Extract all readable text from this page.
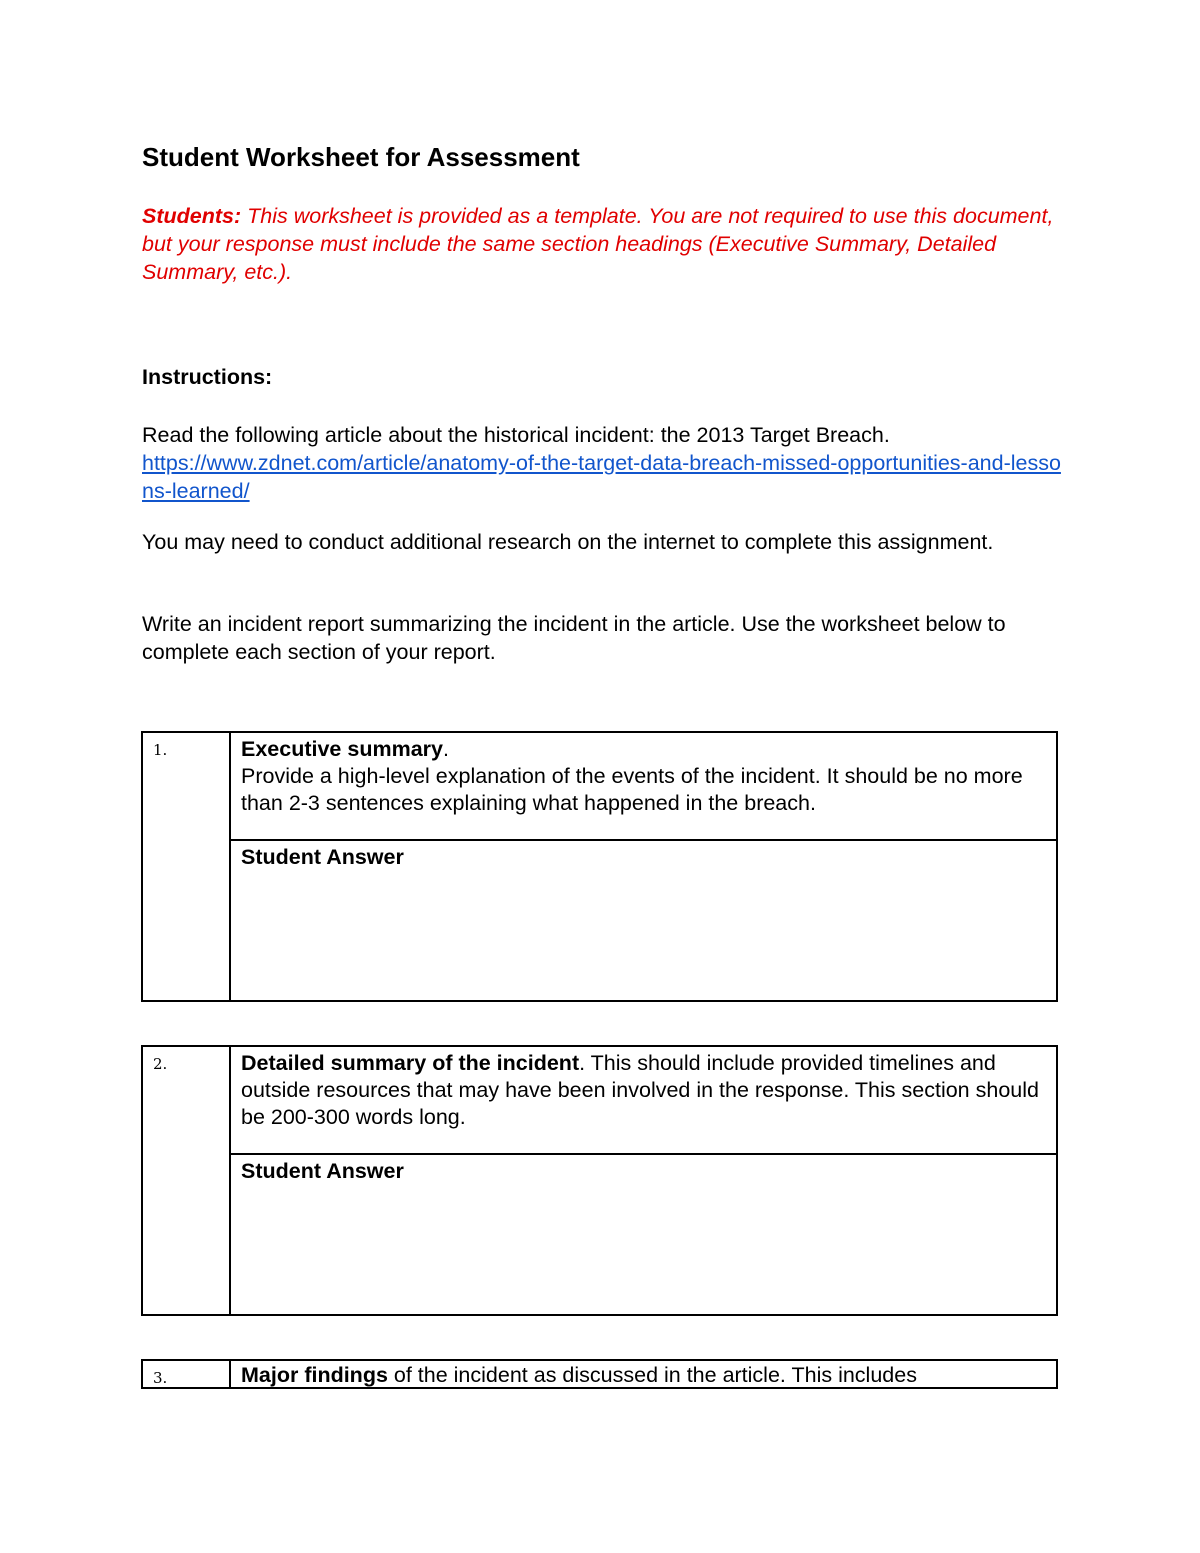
Student Worksheet for Assessment

Students: This worksheet is provided as a template. You are not required to use this document, but your response must include the same section headings (Executive Summary, Detailed Summary, etc.).

Instructions:

Read the following article about the historical incident: the 2013 Target Breach.
https://www.zdnet.com/article/anatomy-of-the-target-data-breach-missed-opportunities-and-lessons-learned/

You may need to conduct additional research on the internet to complete this assignment.

Write an incident report summarizing the incident in the article. Use the worksheet below to complete each section of your report.

1.	Executive summary.
Provide a high-level explanation of the events of the incident. It should be no more than 2-3 sentences explaining what happened in the breach.
Student Answer
2.	Detailed summary of the incident. This should include provided timelines and outside resources that may have been involved in the response. This section should be 200-300 words long.
Student Answer
3.	Major findings of the incident as discussed in the article. This includes
